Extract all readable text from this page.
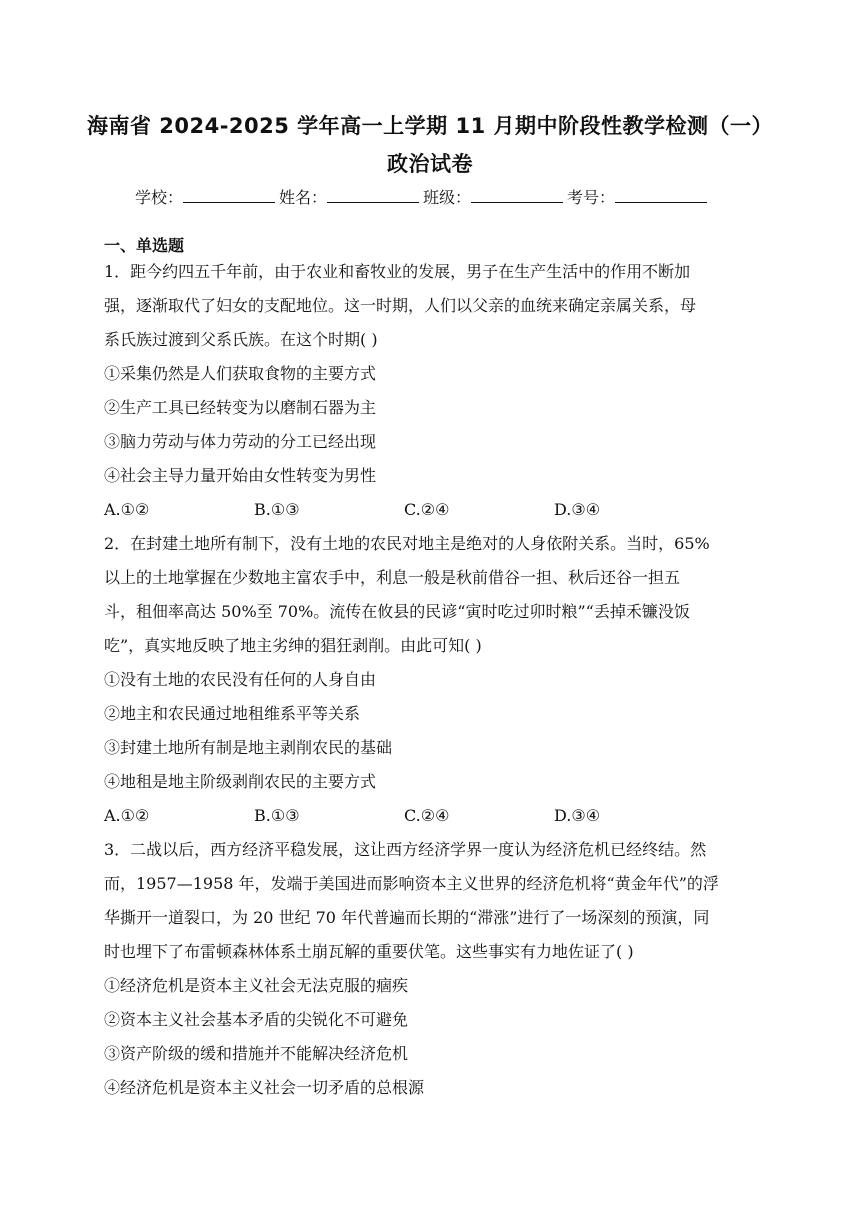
海南省 2024-2025 学年高一上学期 11 月期中阶段性教学检测（一）
政治试卷
学校：	姓名：	班级：	考号：
一、单选题

1．距今约四五千年前，由于农业和畜牧业的发展，男子在生产生活中的作用不断加

强，逐渐取代了妇女的支配地位。这一时期，人们以父亲的血统来确定亲属关系，母

系氏族过渡到父系氏族。在这个时期( )

①采集仍然是人们获取食物的主要方式

②生产工具已经转变为以磨制石器为主

③脑力劳动与体力劳动的分工已经出现

④社会主导力量开始由女性转变为男性

A.①②	B.①③	C.②④	D.③④

2．在封建土地所有制下，没有土地的农民对地主是绝对的人身依附关系。当时，65%

以上的土地掌握在少数地主富农手中，利息一般是秋前借谷一担、秋后还谷一担五

斗，租佃率高达 50%至 70%。流传在攸县的民谚“寅时吃过卯时粮”“丢掉禾镰没饭

吃”，真实地反映了地主劣绅的猖狂剥削。由此可知( )

①没有土地的农民没有任何的人身自由

②地主和农民通过地租维系平等关系

③封建土地所有制是地主剥削农民的基础

④地租是地主阶级剥削农民的主要方式

A.①②	B.①③	C.②④	D.③④

3．二战以后，西方经济平稳发展，这让西方经济学界一度认为经济危机已经终结。然

而，1957—1958 年，发端于美国进而影响资本主义世界的经济危机将“黄金年代”的浮

华撕开一道裂口，为 20 世纪 70 年代普遍而长期的“滞涨”进行了一场深刻的预演，同

时也埋下了布雷顿森林体系土崩瓦解的重要伏笔。这些事实有力地佐证了( )

①经济危机是资本主义社会无法克服的痼疾

②资本主义社会基本矛盾的尖锐化不可避免

③资产阶级的缓和措施并不能解决经济危机

④经济危机是资本主义社会一切矛盾的总根源
